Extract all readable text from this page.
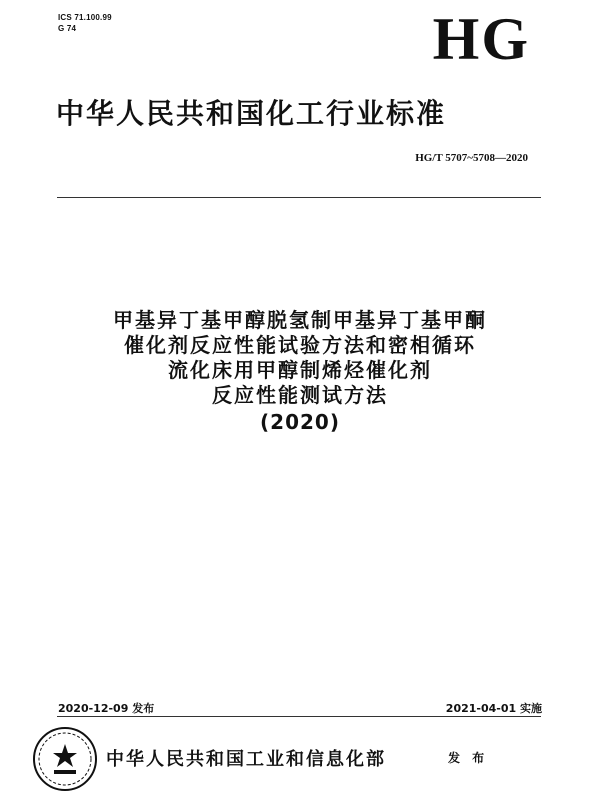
ICS 71.100.99
G 74	HG
中华人民共和国化工行业标准
HG/T 5707~5708—2020
甲基异丁基甲醇脱氢制甲基异丁基甲酮
催化剂反应性能试验方法和密相循环
流化床用甲醇制烯烃催化剂
反应性能测试方法
(2020)
2020-12-09 发布	2021-04-01 实施
中华人民共和国工业和信息化部	发 布
